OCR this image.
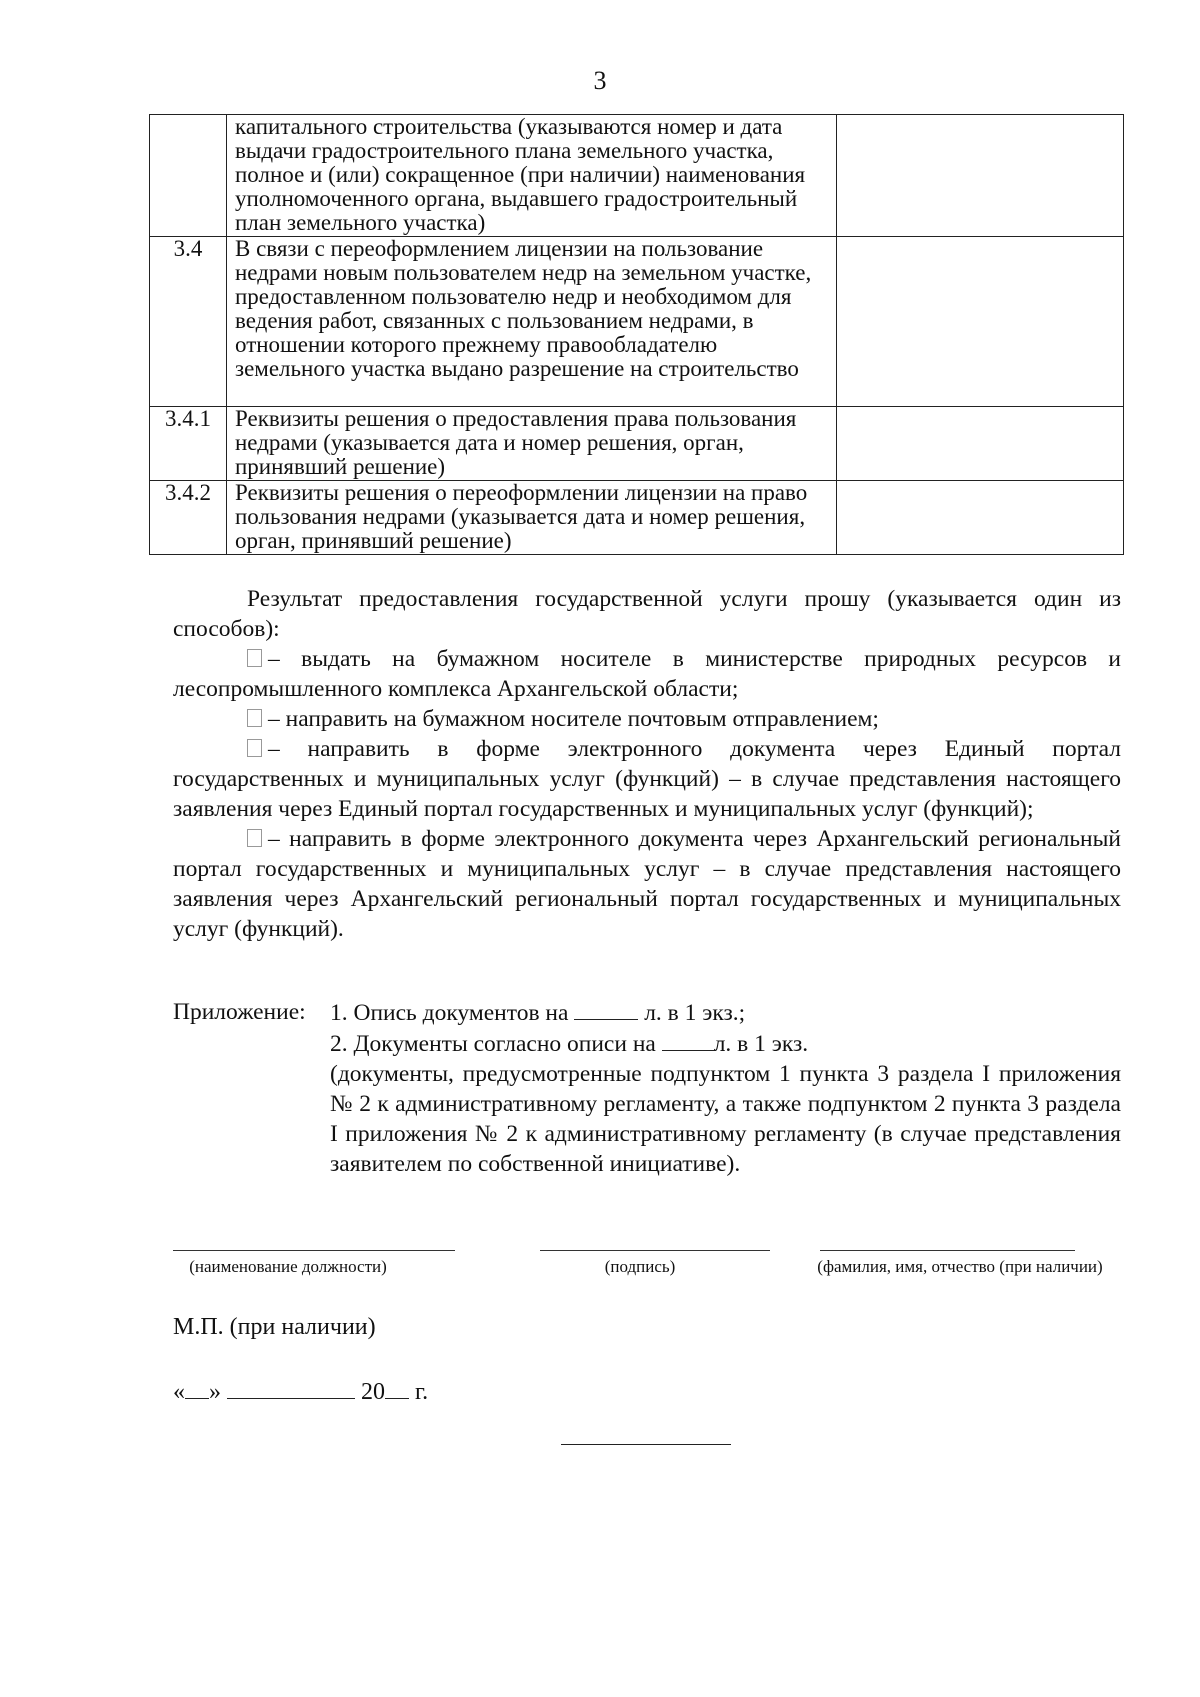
3
	капитального строительства (указываются номер и дата выдачи градостроительного плана земельного участка, полное и (или) сокращенное (при наличии) наименования уполномоченного органа, выдавшего градостроительный план земельного участка)	
3.4	В связи с переоформлением лицензии на пользование недрами новым пользователем недр на земельном участке, предоставленном пользователю недр и необходимом для ведения работ, связанных с пользованием недрами, в отношении которого прежнему правообладателю земельного участка выдано разрешение на строительство	
3.4.1	Реквизиты решения о предоставления права пользования недрами (указывается дата и номер решения, орган, принявший решение)	
3.4.2	Реквизиты решения о переоформлении лицензии на право пользования недрами (указывается дата и номер решения, орган, принявший решение)	

Результат предоставления государственной услуги прошу (указывается один из способов):

– выдать на бумажном носителе в министерстве природных ресурсов и лесопромышленного комплекса Архангельской области;

– направить на бумажном носителе почтовым отправлением;

– направить в форме электронного документа через Единый портал государственных и муниципальных услуг (функций) – в случае представления настоящего заявления через Единый портал государственных и муниципальных услуг (функций);

– направить в форме электронного документа через Архангельский региональный портал государственных и муниципальных услуг – в случае представления настоящего заявления через Архангельский региональный портал государственных и муниципальных услуг (функций).

Приложение: 1. Опись документов на	л. в 1 экз.;

2. Документы согласно описи на л. в 1 экз.

(документы, предусмотренные подпунктом 1 пункта 3 раздела I приложения № 2 к административному регламенту, а также подпунктом 2 пункта 3 раздела I приложения № 2 к административному регламенту (в случае представления заявителем по собственной инициативе).

(наименование должности)	(подпись)	(фамилия, имя, отчество (при наличии)
М.П. (при наличии)
« »	20 г.
